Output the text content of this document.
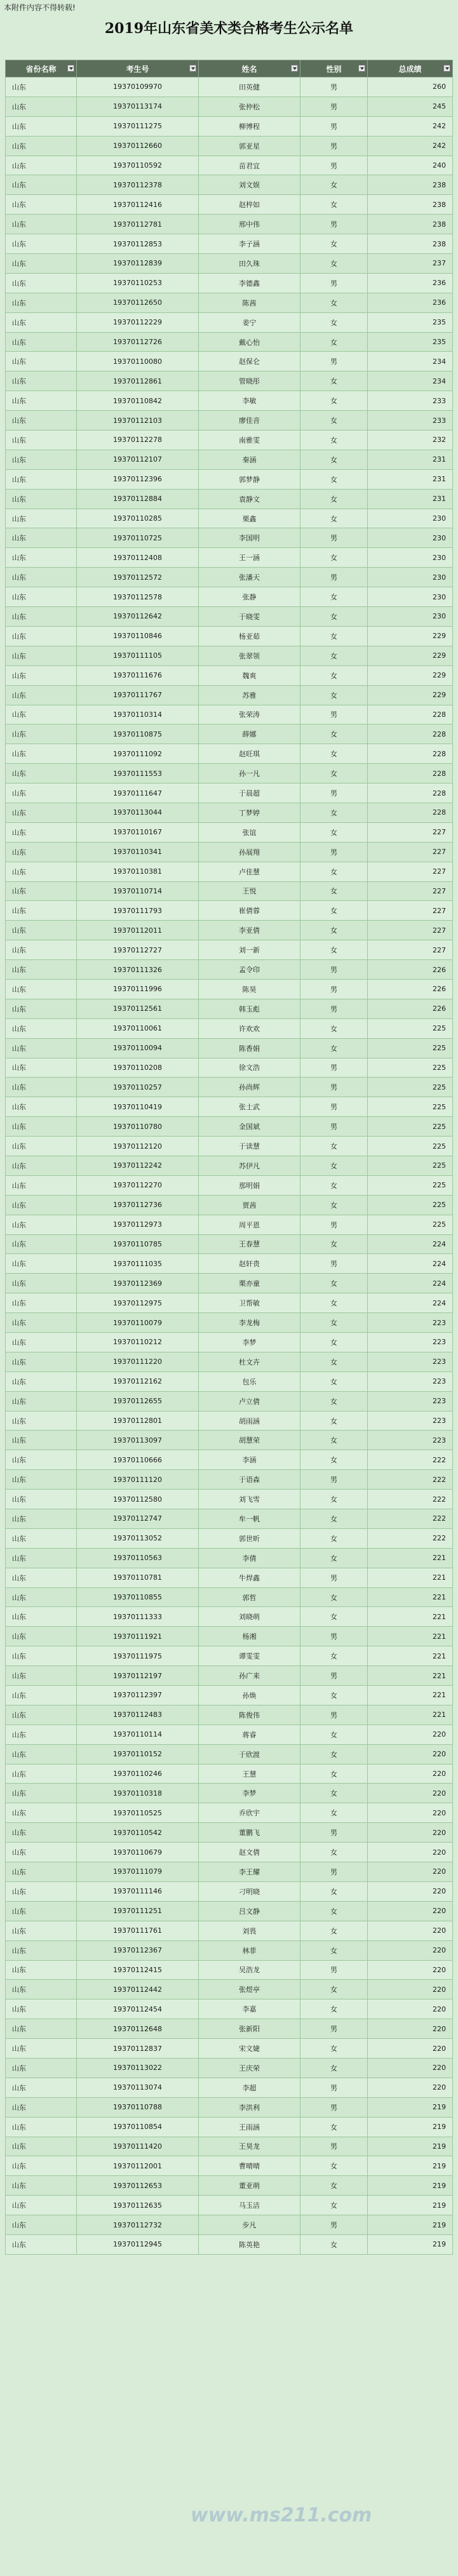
本附件内容不得转载!
2019年山东省美术类合格考生公示名单
省份名称	考生号	姓名	性别	总成绩

山东	19370109970	田英健	男	260
山东	19370113174	张仲松	男	245
山东	19370111275	柳博程	男	242
山东	19370112660	郭亚星	男	242
山东	19370110592	苗君宜	男	240
山东	19370112378	刘文娱	女	238
山东	19370112416	赵梓如	女	238
山东	19370112781	邢中伟	男	238
山东	19370112853	李子涵	女	238
山东	19370112839	田久珠	女	237
山东	19370110253	李德鑫	男	236
山东	19370112650	陈茜	女	236
山东	19370112229	姜宁	女	235
山东	19370112726	戴心怡	女	235
山东	19370110080	赵保仑	男	234
山东	19370112861	管晓彤	女	234
山东	19370110842	李敏	女	233
山东	19370112103	廖佳音	女	233
山东	19370112278	南雅雯	女	232
山东	19370112107	秦涵	女	231
山东	19370112396	郭梦静	女	231
山东	19370112884	袁静文	女	231
山东	19370110285	栗鑫	女	230
山东	19370110725	李国明	男	230
山东	19370112408	王一涵	女	230
山东	19370112572	张潘天	男	230
山东	19370112578	张静	女	230
山东	19370112642	于晓雯	女	230
山东	19370110846	杨亚茹	女	229
山东	19370111105	张翠领	女	229
山东	19370111676	魏爽	女	229
山东	19370111767	苏雅	女	229
山东	19370110314	张荣涛	男	228
山东	19370110875	薛娜	女	228
山东	19370111092	赵旺琪	女	228
山东	19370111553	孙一凡	女	228
山东	19370111647	于晨超	男	228
山东	19370113044	丁梦婷	女	228
山东	19370110167	张谊	女	227
山东	19370110341	孙展翔	男	227
山东	19370110381	卢佳慧	女	227
山东	19370110714	王悦	女	227
山东	19370111793	崔倩蓉	女	227
山东	19370112011	李亚倩	女	227
山东	19370112727	刘一新	女	227
山东	19370111326	孟令印	男	226
山东	19370111996	陈昊	男	226
山东	19370112561	韩玉彪	男	226
山东	19370110061	许欢欢	女	225
山东	19370110094	陈香娟	女	225
山东	19370110208	徐文浩	男	225
山东	19370110257	孙尚辉	男	225
山东	19370110419	张士武	男	225
山东	19370110780	金国斌	男	225
山东	19370112120	于读慧	女	225
山东	19370112242	苏伊凡	女	225
山东	19370112270	那明娟	女	225
山东	19370112736	贾茜	女	225
山东	19370112973	周平恩	男	225
山东	19370110785	王春慧	女	224
山东	19370111035	赵轩贵	男	224
山东	19370112369	栗亦童	女	224
山东	19370112975	卫帮敏	女	224
山东	19370110079	李龙梅	女	223
山东	19370110212	李梦	女	223
山东	19370111220	杜文卉	女	223
山东	19370112162	包乐	女	223
山东	19370112655	卢立倩	女	223
山东	19370112801	胡雨涵	女	223
山东	19370113097	胡慧荣	女	223
山东	19370110666	李涵	女	222
山东	19370111120	于语森	男	222
山东	19370112580	刘飞雪	女	222
山东	19370112747	牟一帆	女	222
山东	19370113052	郭世昕	女	222
山东	19370110563	李倩	女	221
山东	19370110781	牛焊鑫	男	221
山东	19370110855	郭哲	女	221
山东	19370111333	刘晓萌	女	221
山东	19370111921	杨湘	男	221
山东	19370111975	谭雯雯	女	221
山东	19370112197	孙广来	男	221
山东	19370112397	孙焕	女	221
山东	19370112483	陈俊伟	男	221
山东	19370110114	蒋睿	女	220
山东	19370110152	于欣渡	女	220
山东	19370110246	王慧	女	220
山东	19370110318	李梦	女	220
山东	19370110525	乔欣宇	女	220
山东	19370110542	董鹏飞	男	220
山东	19370110679	赵文倩	女	220
山东	19370111079	李王耀	男	220
山东	19370111146	刁明晓	女	220
山东	19370111251	吕文静	女	220
山东	19370111761	刘畏	女	220
山东	19370112367	林菲	女	220
山东	19370112415	吴浩龙	男	220
山东	19370112442	张煜亭	女	220
山东	19370112454	李嘉	女	220
山东	19370112648	张新阳	男	220
山东	19370112837	宋文婕	女	220
山东	19370113022	王庆荣	女	220
山东	19370113074	李超	男	220
山东	19370110788	李洪利	男	219
山东	19370110854	王雨涵	女	219
山东	19370111420	王昊龙	男	219
山东	19370112001	曹晴晴	女	219
山东	19370112653	董亚萌	女	219
山东	19370112635	马玉洁	女	219
山东	19370112732	步凡	男	219
山东	19370112945	陈英艳	女	219
www.ms211.com
